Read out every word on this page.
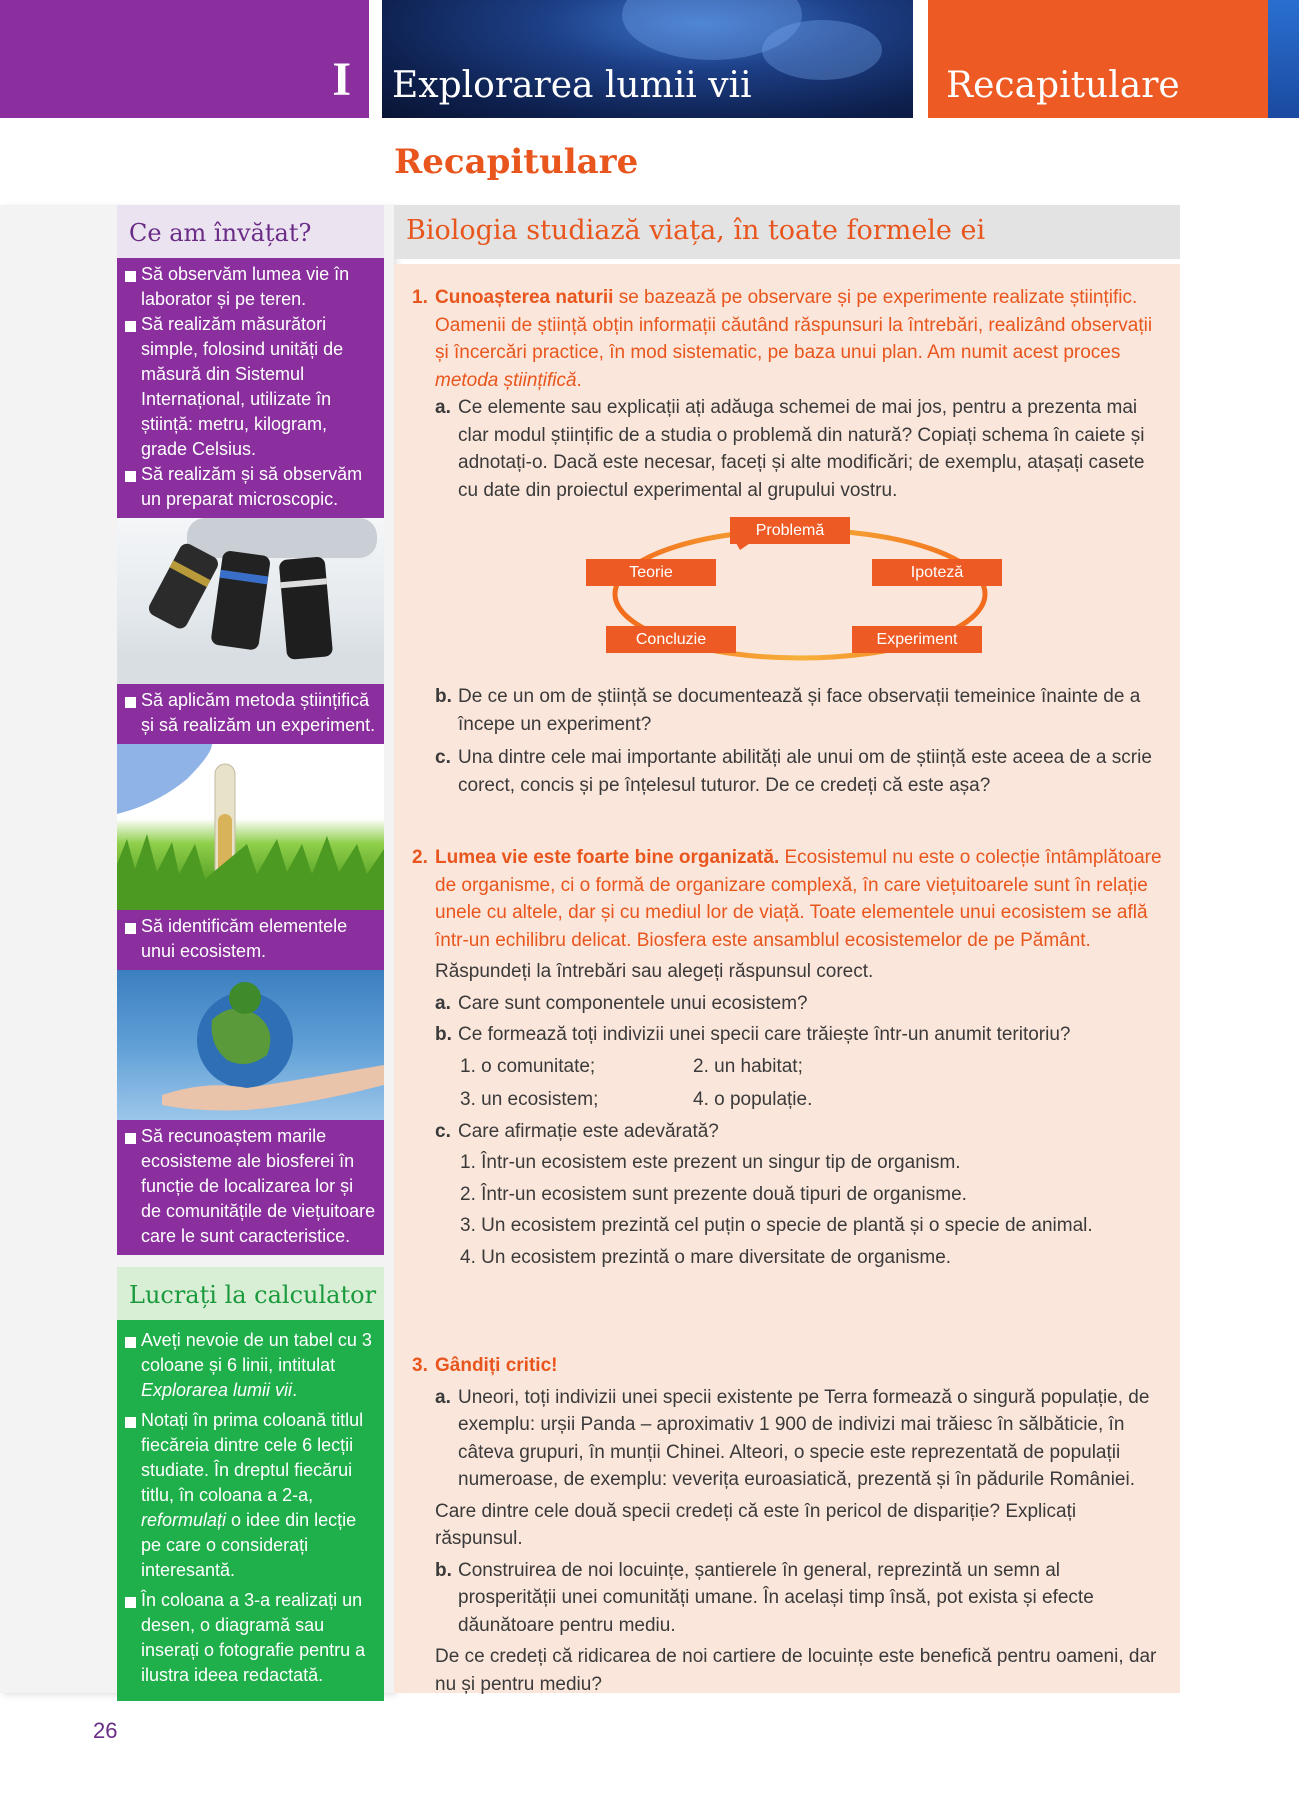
I Explorarea lumii vii	Recapitulare
Recapitulare
Ce am învățat?
Să observăm lumea vie în laborator și pe teren.
Să realizăm măsurători simple, folosind unități de măsură din Sistemul Internațional, utilizate în știință: metru, kilogram, grade Celsius.
Să realizăm și să observăm un preparat microscopic.
Să aplicăm metoda științifică și să realizăm un experiment.
Să identificăm elementele unui ecosistem.
Să recunoaștem marile ecosisteme ale biosferei în funcție de localizarea lor și de comunitățile de viețuitoare care le sunt caracteristice.
Lucrați la calculator
Aveți nevoie de un tabel cu 3 coloane și 6 linii, intitulat Explorarea lumii vii.
Notați în prima coloană titlul fiecăreia dintre cele 6 lecții studiate. În dreptul fiecărui titlu, în coloana a 2-a, reformulați o idee din lecție pe care o considerați interesantă.
În coloana a 3-a realizați un desen, o diagramă sau inserați o fotografie pentru a ilustra ideea redactată.
26
Biologia studiază viața, în toate formele ei
1. Cunoașterea naturii se bazează pe observare și pe experimente realizate științific. Oamenii de știință obțin informații căutând răspunsuri la întrebări, realizând observații și încercări practice, în mod sistematic, pe baza unui plan. Am numit acest proces metoda științifică.
a. Ce elemente sau explicații ați adăuga schemei de mai jos, pentru a prezenta mai clar modul științific de a studia o problemă din natură? Copiați schema în caiete și adnotați-o. Dacă este necesar, faceți și alte modificări; de exemplu, atașați casete cu date din proiectul experimental al grupului vostru.
b. De ce un om de știință se documentează și face observații temeinice înainte de a începe un experiment?
c. Una dintre cele mai importante abilități ale unui om de știință este aceea de a scrie corect, concis și pe înțelesul tuturor. De ce credeți că este așa?
2. Lumea vie este foarte bine organizată. Ecosistemul nu este o colecție întâmplătoare de organisme, ci o formă de organizare complexă, în care viețuitoarele sunt în relație unele cu altele, dar și cu mediul lor de viață. Toate elementele unui ecosistem se află într-un echilibru delicat. Biosfera este ansamblul ecosistemelor de pe Pământ.
Răspundeți la întrebări sau alegeți răspunsul corect.
a. Care sunt componentele unui ecosistem?
b. Ce formează toți indivizii unei specii care trăiește într-un anumit teritoriu?
1. o comunitate;	2. un habitat;
3. un ecosistem;	4. o populație.
c. Care afirmație este adevărată?
1. Într-un ecosistem este prezent un singur tip de organism.
2. Într-un ecosistem sunt prezente două tipuri de organisme.
3. Un ecosistem prezintă cel puțin o specie de plantă și o specie de animal.
4. Un ecosistem prezintă o mare diversitate de organisme.
3. Gândiți critic!
a. Uneori, toți indivizii unei specii existente pe Terra formează o singură populație, de exemplu: urșii Panda – aproximativ 1 900 de indivizi mai trăiesc în sălbăticie, în câteva grupuri, în munții Chinei. Alteori, o specie este reprezentată de populații numeroase, de exemplu: veverița euroasiatică, prezentă și în pădurile României.
Care dintre cele două specii credeți că este în pericol de dispariție? Explicați răspunsul.
b. Construirea de noi locuințe, șantierele în general, reprezintă un semn al prosperității unei comunități umane. În același timp însă, pot exista și efecte dăunătoare pentru mediu.
De ce credeți că ridicarea de noi cartiere de locuințe este benefică pentru oameni, dar nu și pentru mediu?
Problemă
Ipoteză
Experiment
Concluzie
Teorie
